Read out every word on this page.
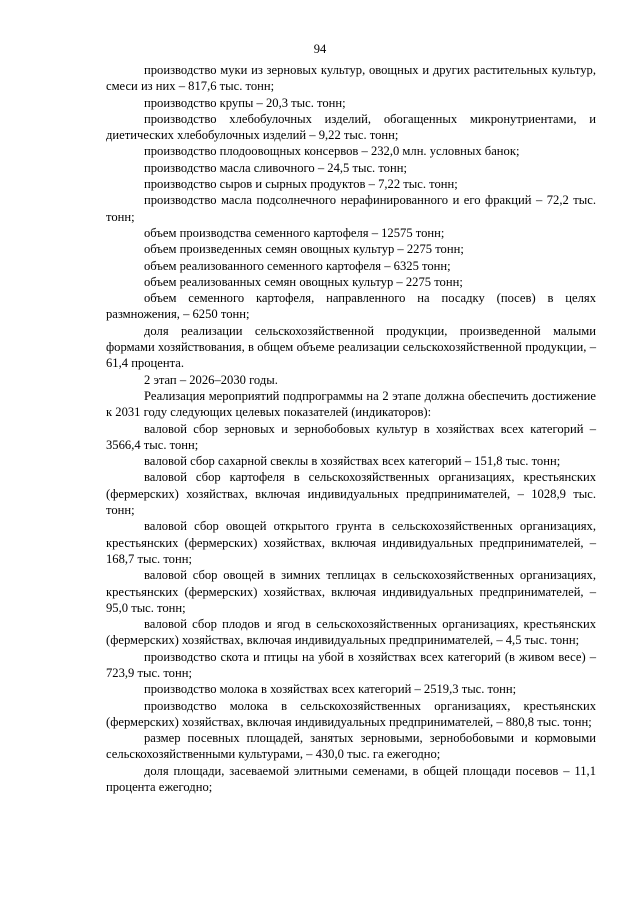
94

производство муки из зерновых культур, овощных и других растительных культур, смеси из них – 817,6 тыс. тонн;

производство крупы – 20,3 тыс. тонн;

производство хлебобулочных изделий, обогащенных микронутриентами, и диетических хлебобулочных изделий – 9,22 тыс. тонн;

производство плодоовощных консервов – 232,0 млн. условных банок;

производство масла сливочного – 24,5 тыс. тонн;

производство сыров и сырных продуктов – 7,22 тыс. тонн;

производство масла подсолнечного нерафинированного и его фракций – 72,2 тыс. тонн;

объем производства семенного картофеля – 12575 тонн;

объем произведенных семян овощных культур – 2275 тонн;

объем реализованного семенного картофеля – 6325 тонн;

объем реализованных семян овощных культур – 2275 тонн;

объем семенного картофеля, направленного на посадку (посев) в целях размножения, – 6250 тонн;

доля реализации сельскохозяйственной продукции, произведенной малыми формами хозяйствования, в общем объеме реализации сельскохозяйственной продукции, – 61,4 процента.

2 этап – 2026–2030 годы.

Реализация мероприятий подпрограммы на 2 этапе должна обеспечить достижение к 2031 году следующих целевых показателей (индикаторов):

валовой сбор зерновых и зернобобовых культур в хозяйствах всех категорий – 3566,4 тыс. тонн;

валовой сбор сахарной свеклы в хозяйствах всех категорий – 151,8 тыс. тонн;

валовой сбор картофеля в сельскохозяйственных организациях, крестьянских (фермерских) хозяйствах, включая индивидуальных предпринимателей, – 1028,9 тыс. тонн;

валовой сбор овощей открытого грунта в сельскохозяйственных организациях, крестьянских (фермерских) хозяйствах, включая индивидуальных предпринимателей, – 168,7 тыс. тонн;

валовой сбор овощей в зимних теплицах в сельскохозяйственных организациях, крестьянских (фермерских) хозяйствах, включая индивидуальных предпринимателей, – 95,0 тыс. тонн;

валовой сбор плодов и ягод в сельскохозяйственных организациях, крестьянских (фермерских) хозяйствах, включая индивидуальных предпринимателей, – 4,5 тыс. тонн;

производство скота и птицы на убой в хозяйствах всех категорий (в живом весе) – 723,9 тыс. тонн;

производство молока в хозяйствах всех категорий – 2519,3 тыс. тонн;

производство молока в сельскохозяйственных организациях, крестьянских (фермерских) хозяйствах, включая индивидуальных предпринимателей, – 880,8 тыс. тонн;

размер посевных площадей, занятых зерновыми, зернобобовыми и кормовыми сельскохозяйственными культурами, – 430,0 тыс. га ежегодно;

доля площади, засеваемой элитными семенами, в общей площади посевов – 11,1 процента ежегодно;
